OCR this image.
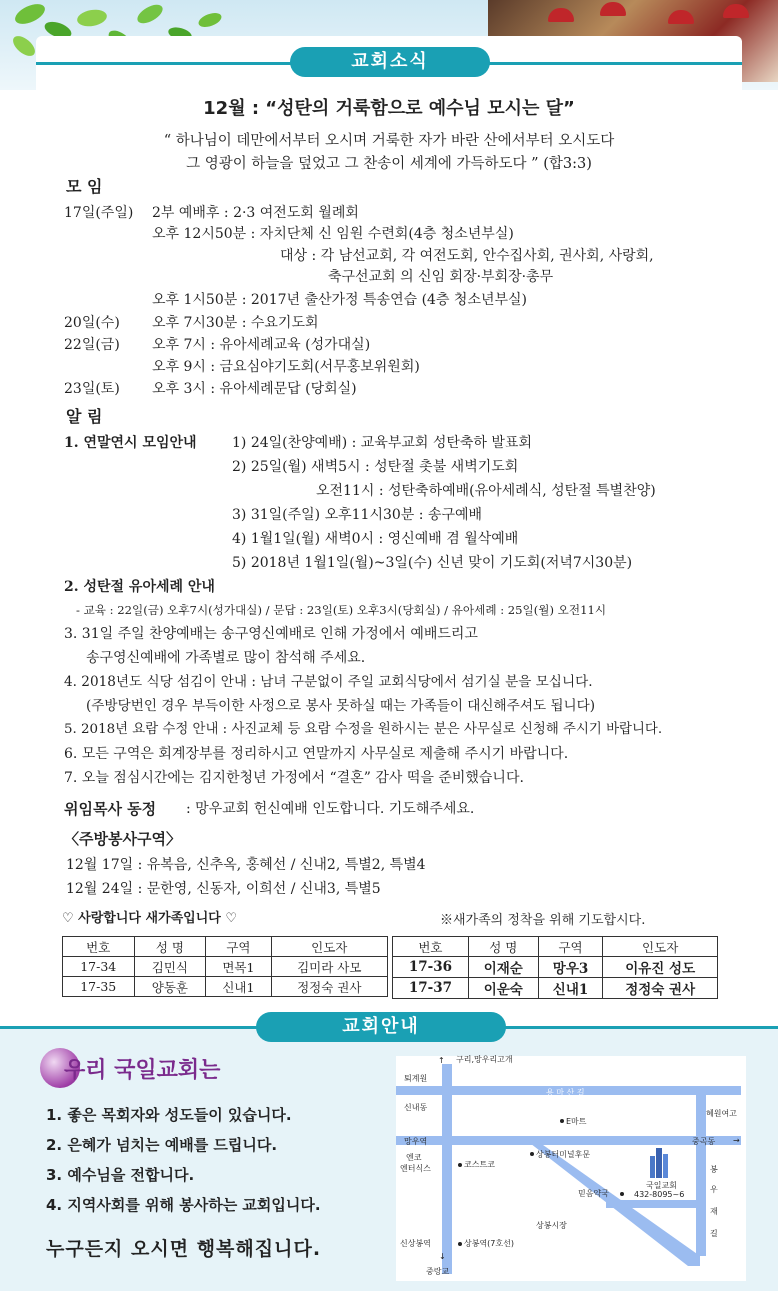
교회소식
12월 : “성탄의 거룩함으로 예수님 모시는 달”
“ 하나님이 데만에서부터 오시며 거룩한 자가 바란 산에서부터 오시도다
그 영광이 하늘을 덮었고 그 찬송이 세계에 가득하도다 ” (합3:3)
모 임
17일(주일) 2부 예배후 : 2·3 여전도회 월례회
오후 12시50분 : 자치단체 신 임원 수련회(4층 청소년부실)
대상 : 각 남선교회, 각 여전도회, 안수집사회, 권사회, 사랑회,
축구선교회 의 신임 회장·부회장·총무
오후 1시50분 : 2017년 출산가정 특송연습 (4층 청소년부실)
20일(수) 오후 7시30분 : 수요기도회
22일(금) 오후 7시 : 유아세례교육 (성가대실)
오후 9시 : 금요심야기도회(서무홍보위원회)
23일(토) 오후 3시 : 유아세례문답 (당회실)
알 림
1. 연말연시 모임안내	1) 24일(찬양예배) : 교육부교회 성탄축하 발표회
2) 25일(월) 새벽5시 : 성탄절 촛불 새벽기도회
오전11시 : 성탄축하예배(유아세례식, 성탄절 특별찬양)
3) 31일(주일) 오후11시30분 : 송구예배
4) 1월1일(월) 새벽0시 : 영신예배 겸 월삭예배
5) 2018년 1월1일(월)~3일(수) 신년 맞이 기도회(저녁7시30분)
2. 성탄절 유아세례 안내
- 교육 : 22일(금) 오후7시(성가대실) / 문답 : 23일(토) 오후3시(당회실) / 유아세례 : 25일(월) 오전11시
3. 31일 주일 찬양예배는 송구영신예배로 인해 가정에서 예배드리고
송구영신예배에 가족별로 많이 참석해 주세요.
4. 2018년도 식당 섬김이 안내 : 남녀 구분없이 주일 교회식당에서 섬기실 분을 모십니다.
(주방당번인 경우 부득이한 사정으로 봉사 못하실 때는 가족들이 대신해주셔도 됩니다)
5. 2018년 요람 수정 안내 : 사진교체 등 요람 수정을 원하시는 분은 사무실로 신청해 주시기 바랍니다.
6. 모든 구역은 회계장부를 정리하시고 연말까지 사무실로 제출해 주시기 바랍니다.
7. 오늘 점심시간에는 김지한청년 가정에서 “결혼” 감사 떡을 준비했습니다.
위임목사 동정 : 망우교회 헌신예배 인도합니다. 기도해주세요.
〈주방봉사구역〉
12월 17일 : 유복음, 신추옥, 홍혜선 / 신내2, 특별2, 특별4
12월 24일 : 문한영, 신동자, 이희선 / 신내3, 특별5
♡ 사랑합니다 새가족입니다 ♡	※새가족의 정착을 위해 기도합시다.
번호	성 명	구역	인도자
17-34	김민식	면목1	김미라 사모
17-35	양동훈	신내1	정정숙 권사
번호	성 명	구역	인도자
17-36	이재순	망우3	이유진 성도
17-37	이운숙	신내1	정정숙 권사
교회안내
우리 국일교회는
1. 좋은 목회자와 성도들이 있습니다.
2. 은혜가 넘치는 예배를 드립니다.
3. 예수님을 전합니다.
4. 지역사회를 위해 봉사하는 교회입니다.
누구든지 오시면 행복해집니다.
↑ 구리,망우리고개
퇴계원
용 마 산 길
신내동
E마트
혜원여고
망우역	중곡동 →
엔코
엔터식스	코스트코
상봉터미널후문
국일교회
432-8095~6
믿음약국
봉
우
재
길
상봉시장
신상봉역	상봉역(7호선)
↓
중랑교
